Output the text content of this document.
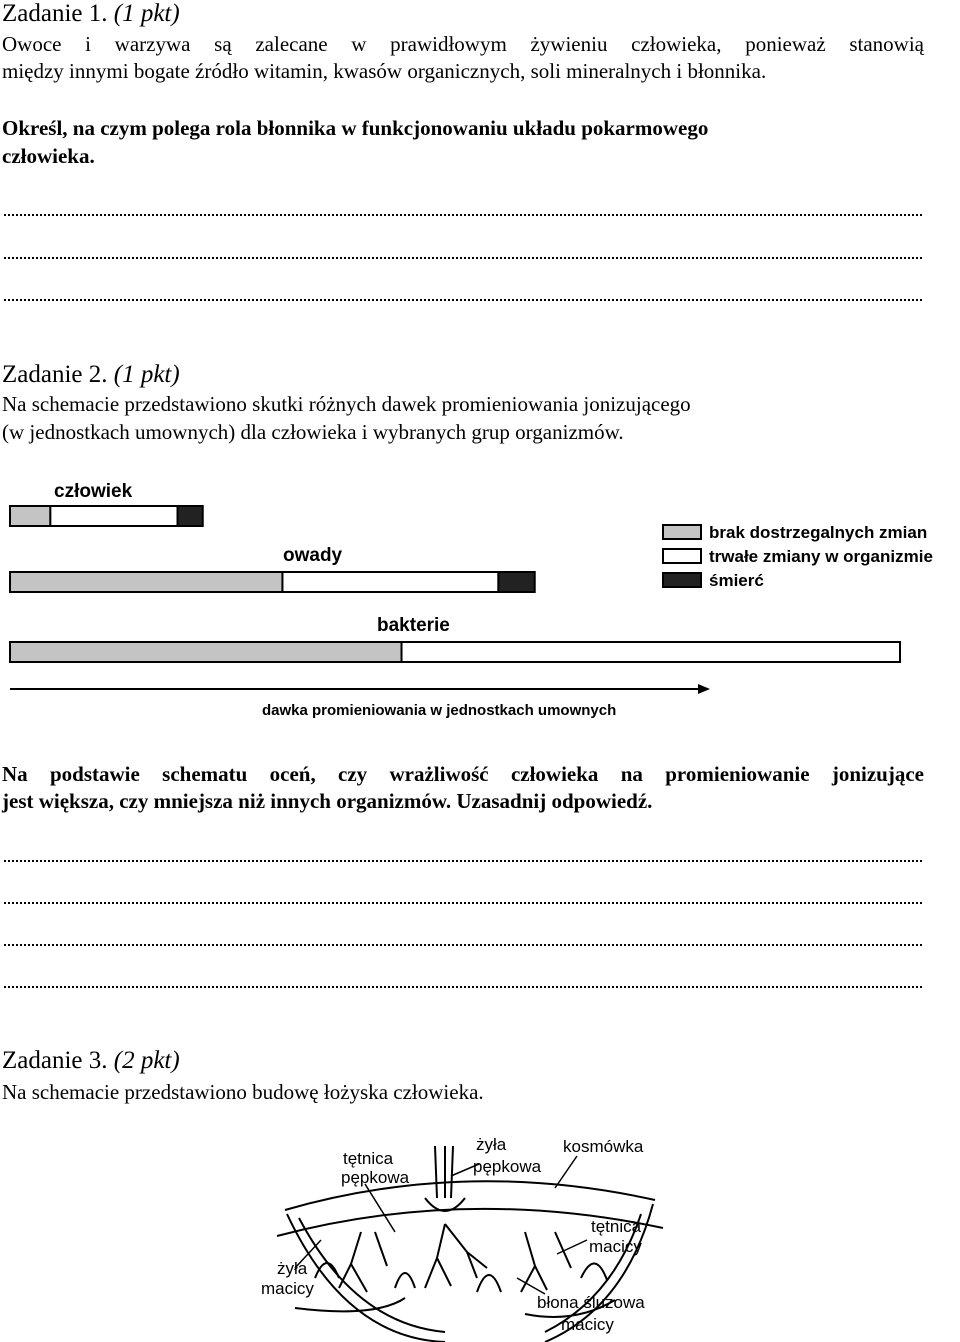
Zadanie 1. (1 pkt)
Owoce i warzywa są zalecane w prawidłowym żywieniu człowieka, ponieważ stanowią
między innymi bogate źródło witamin, kwasów organicznych, soli mineralnych i błonnika.
Określ, na czym polega rola błonnika w funkcjonowaniu układu pokarmowego
człowieka.
Zadanie 2. (1 pkt)
Na schemacie przedstawiono skutki różnych dawek promieniowania jonizującego
(w jednostkach umownych) dla człowieka i wybranych grup organizmów.
człowiek
owady
bakterie
brak dostrzegalnych zmian
trwałe zmiany w organizmie
śmierć
dawka promieniowania w jednostkach umownych
Na podstawie schematu oceń, czy wrażliwość człowieka na promieniowanie jonizujące
jest większa, czy mniejsza niż innych organizmów. Uzasadnij odpowiedź.
Zadanie 3. (2 pkt)
Na schemacie przedstawiono budowę łożyska człowieka.
tętnica
pępkowa
żyła
pępkowa
kosmówka
tętnica
macicy
żyła
macicy
błona śluzowa
macicy
